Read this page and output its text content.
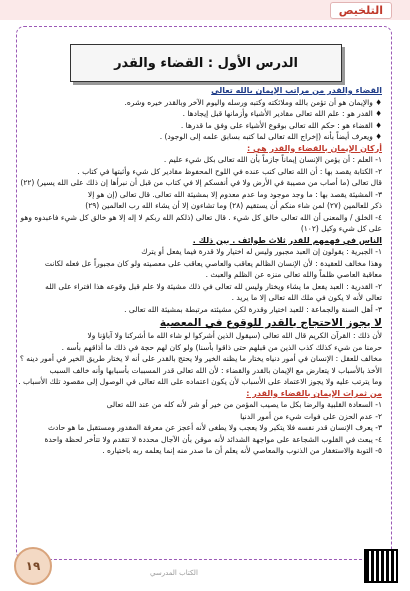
التلخيص
الدرس الأول : القضاء والقدر

القضاء والقدر من مراتب الإيمان بالله تعالى

♦ والإيمان هو أن تؤمن بالله وملائكته وكتبه ورسله واليوم الآخر وبالقدر خيره وشره.

♦ القدر هو : علم الله تعالى مقادير الأشياء وأزمانها قبل إيجادها .

♦ القضاء هو : حكم الله تعالى بوقوع الأشياء على وفق ما قدرها .

♦ ويعرف أيضاً بأنه (إخراج الله تعالى لما كتبه بسابق علمه إلى الوجود) .

أركان الإيمان بالقضاء والقدر هي :

١- العلم : أن يؤمن الإنسان إيماناً جازماً بأن الله تعالى بكل شيء عليم .

٢- الكتابة يقصد بها : أن الله تعالى كتب عنده في اللوح المحفوظ مقادير كل شيء وأثبتها في كتاب .

قال تعالى (ما أصاب من مصيبة في الأرض ولا في أنفسكم إلا في كتاب من قبل أن نبرأها إن ذلك على الله يسير) (٢٢)

٣- المشيئة يقصد بها : ما وجد موجود وما عدم معدوم إلا بمشيئة الله تعالى. قال تعالى (إن هو إلا

ذكر للعالمين (٢٧) لمن شاء منكم أن يستقيم (٢٨) وما تشاءون إلا أن يشاء الله رب العالمين (٢٩)

٤- الخلق / والمعنى أن الله تعالى خالق كل شيء . قال تعالى (ذلكم الله ربكم لا إله إلا هو خالق كل شيء فاعبدوه وهو

على كل شيء وكيل (١٠٢)

الناس في فهمهم للقدر ثلاث طوائف . بين ذلك .

١- الجبرية : يقولون إن العبد مجبور وليس له اختيار ولا قدرة فيما يفعل أو يترك

وهذا مخالف للعقيدة : لأن الإنسان الظالم يعاقب والعاصي يعاقب على معصيته ولو كان مجبوراً عل فعله لكانت

معاقبة العاصي ظلماً والله تعالى منزه عن الظلم والعبث .

٢- القدرية : العبد يفعل ما يشاء ويختار وليس لله تعالى في ذلك مشيئة ولا علم قبل وقوعه هذا افتراء على الله

تعالى لأنه لا يكون في ملك الله تعالى إلا ما يريد .

٣- أهل السنة والجماعة : للعبد اختيار وقدرة لكن مشيئته مرتبطة بمشيئة الله تعالى .

لا يجوز الاحتجاج بالقدر للوقوع في المعصية

لأن ذلك : القرآن الكريم قال الله تعالى (سيقول الذين أشركوا لو شاء الله ما أشركنا ولا آباؤنا ولا

حرمنا من شيء كذلك كذب الذين من قبلهم حتى ذاقوا بأسنا) ولو كان لهم حجة في ذلك ما أذاقهم بأسه .

مخالف للعقل : الإنسان في أمور دنياه يختار ما يظنه الخير ولا يحتج بالقدر على أنه لا يختار طريق الخير في أمور دينه ؟

الأخذ بالأسباب لا يتعارض مع الإيمان بالقدر والقضاء : لأن الله تعالى قدر المسببات بأسبابها وأنه خالف السبب

وما يترتب عليه ولا يجوز الاعتماد على الأسباب لأن يكون اعتماده على الله تعالى في الوصول إلى مقصود تلك الأسباب .

من ثمرات الإيمان بالقضاء والقدر :

١- السعادة القلبية والرضا بكل ما يصيب المؤمن من خير أو شر لأنه كله من عند الله تعالى

٢- عدم الحزن على فوات شيء من أمور الدنيا

٣- يعرف الإنسان قدر نفسه فلا يتكبر ولا يعجب ولا يطغى لأنه أعجز عن معرفة المقدور ومستقبل ما هو حادث

٤- يبعث في القلوب الشجاعة على مواجهة الشدائد لأنه موقن بأن الآجال محددة لا تتقدم ولا تتأخر لحظة واحدة

٥- التوبة والاستغفار من الذنوب والمعاصي لأنه يعلم أن ما صدر منه إنما يعلمه ربه باختياره .

١٩	الكتاب المدرسي
